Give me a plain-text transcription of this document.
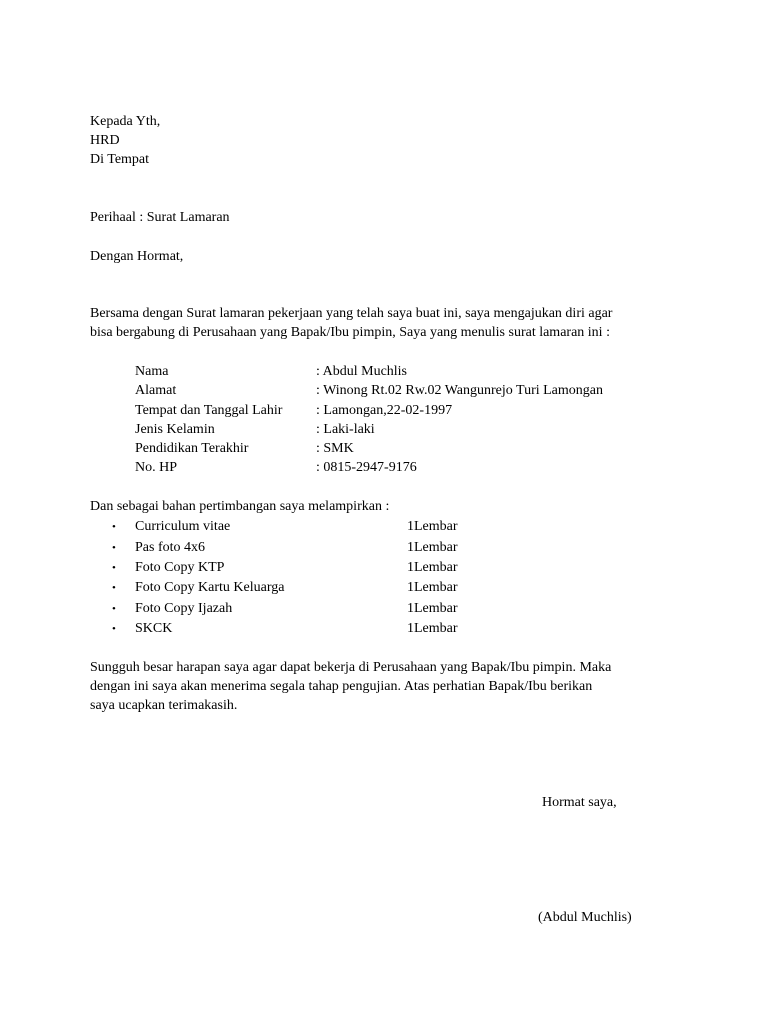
Kepada Yth,
HRD
Di Tempat
Perihaal : Surat Lamaran
Dengan Hormat,
Bersama dengan Surat lamaran pekerjaan yang telah saya buat ini, saya mengajukan diri agar
bisa bergabung di Perusahaan yang Bapak/Ibu pimpin, Saya yang menulis surat lamaran ini :
Nama	: Abdul Muchlis
Alamat	: Winong Rt.02 Rw.02 Wangunrejo Turi Lamongan
Tempat dan Tanggal Lahir : Lamongan,22-02-1997
Jenis Kelamin	: Laki-laki
Pendidikan Terakhir	: SMK
No. HP	: 0815-2947-9176
Dan sebagai bahan pertimbangan saya melampirkan :
• Curriculum vitae	1Lembar
• Pas foto 4x6	1Lembar
• Foto Copy KTP	1Lembar
• Foto Copy Kartu Keluarga	1Lembar
• Foto Copy Ijazah	1Lembar
• SKCK	1Lembar
Sungguh besar harapan saya agar dapat bekerja di Perusahaan yang Bapak/Ibu pimpin. Maka
dengan ini saya akan menerima segala tahap pengujian. Atas perhatian Bapak/Ibu berikan
saya ucapkan terimakasih.
Hormat saya,
(Abdul Muchlis)
